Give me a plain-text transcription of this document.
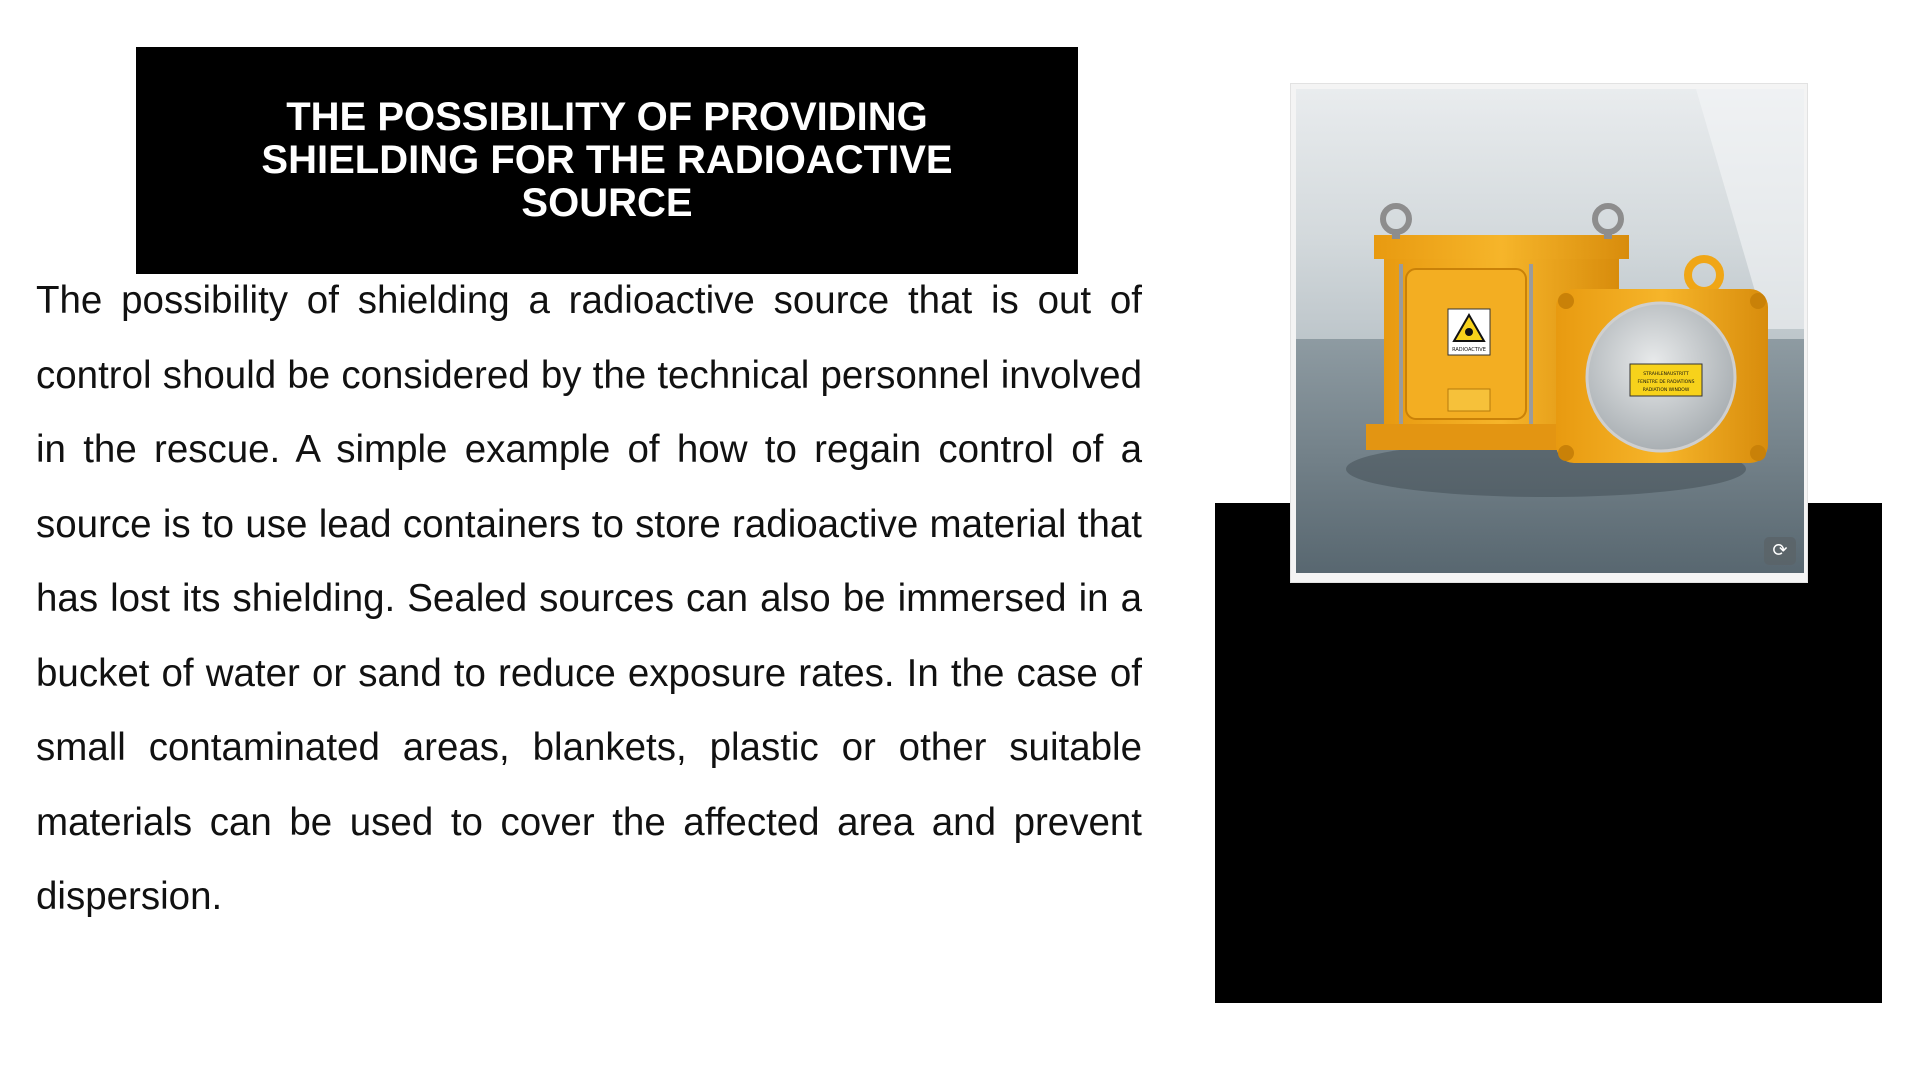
THE POSSIBILITY OF PROVIDING SHIELDING FOR THE RADIOACTIVE SOURCE

The possibility of shielding a radioactive source that is out of control should be considered by the technical personnel involved in the rescue. A simple example of how to regain control of a source is to use lead containers to store radioactive material that has lost its shielding. Sealed sources can also be immersed in a bucket of water or sand to reduce exposure rates. In the case of small contaminated areas, blankets, plastic or other suitable materials can be used to cover the affected area and prevent dispersion.

RADIOACTIVE
STRAHLENAUSTRITT
FENETRE DE RADIATIONS
RADIATION WINDOW
⟳
